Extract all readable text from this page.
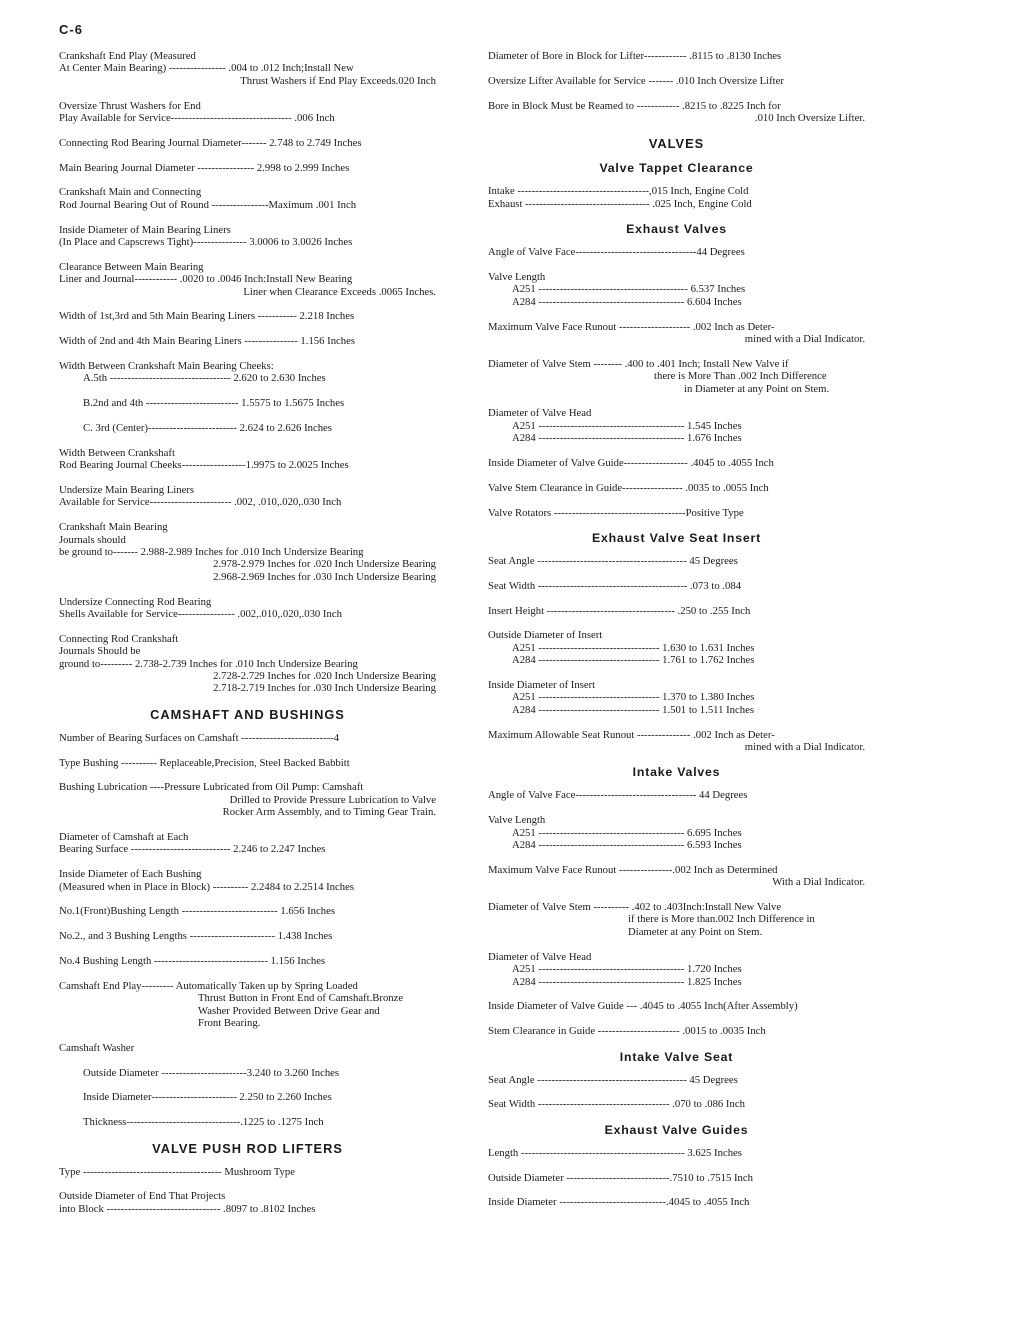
C-6
Crankshaft End Play (Measured
At Center Main Bearing) ---------------- .004 to .012 Inch;Install New
Thrust Washers if End Play Exceeds.020 Inch
Oversize Thrust Washers for End
Play Available for Service---------------------------------- .006 Inch
Connecting Rod Bearing Journal Diameter------- 2.748 to 2.749 Inches
Main Bearing Journal Diameter ---------------- 2.998 to 2.999 Inches
Crankshaft Main and Connecting
Rod Journal Bearing Out of Round ----------------Maximum .001 Inch
Inside Diameter of Main Bearing Liners
(In Place and Capscrews Tight)--------------- 3.0006 to 3.0026 Inches
Clearance Between Main Bearing
Liner and Journal------------ .0020 to .0046 Inch:Install New Bearing
Liner when Clearance Exceeds .0065 Inches.
Width of 1st,3rd and 5th Main Bearing Liners ----------- 2.218 Inches
Width of 2nd and 4th Main Bearing Liners --------------- 1.156 Inches
Width Between Crankshaft Main Bearing Cheeks:
A.5th ---------------------------------- 2.620 to 2.630 Inches
B.2nd and 4th -------------------------- 1.5575 to 1.5675 Inches
C. 3rd (Center)------------------------- 2.624 to 2.626 Inches
Width Between Crankshaft
Rod Bearing Journal Cheeks------------------1.9975 to 2.0025 Inches
Undersize Main Bearing Liners
Available for Service----------------------- .002, .010,.020,.030 Inch
Crankshaft Main Bearing
Journals should
be ground to------- 2.988-2.989 Inches for .010 Inch Undersize Bearing
2.978-2.979 Inches for .020 Inch Undersize Bearing
2.968-2.969 Inches for .030 Inch Undersize Bearing
Undersize Connecting Rod Bearing
Shells Available for Service---------------- .002,.010,.020,.030 Inch
Connecting Rod Crankshaft
Journals Should be
ground to--------- 2.738-2.739 Inches for .010 Inch Undersize Bearing
2.728-2.729 Inches for .020 Inch Undersize Bearing
2.718-2.719 Inches for .030 Inch Undersize Bearing
CAMSHAFT AND BUSHINGS
Number of Bearing Surfaces on Camshaft --------------------------4
Type Bushing ---------- Replaceable,Precision, Steel Backed Babbitt
Bushing Lubrication ----Pressure Lubricated from Oil Pump: Camshaft
Drilled to Provide Pressure Lubrication to Valve
Rocker Arm Assembly, and to Timing Gear Train.
Diameter of Camshaft at Each
Bearing Surface ---------------------------- 2.246 to 2.247 Inches
Inside Diameter of Each Bushing
(Measured when in Place in Block) ---------- 2.2484 to 2.2514 Inches
No.1(Front)Bushing Length --------------------------- 1.656 Inches
No.2., and 3 Bushing Lengths ------------------------ 1.438 Inches
No.4 Bushing Length -------------------------------- 1.156 Inches
Camshaft End Play--------- Automatically Taken up by Spring Loaded
Thrust Button in Front End of Camshaft.Bronze
Washer Provided Between Drive Gear and
Front Bearing.
Camshaft Washer
Outside Diameter ------------------------3.240 to 3.260 Inches
Inside Diameter------------------------ 2.250 to 2.260 Inches
Thickness--------------------------------.1225 to .1275 Inch
VALVE PUSH ROD LIFTERS
Type --------------------------------------- Mushroom Type
Outside Diameter of End That Projects
into Block -------------------------------- .8097 to .8102 Inches
Diameter of Bore in Block for Lifter------------ .8115 to .8130 Inches
Oversize Lifter Available for Service ------- .010 Inch Oversize Lifter
Bore in Block Must be Reamed to ------------ .8215 to .8225 Inch for
.010 Inch Oversize Lifter.
VALVES
Valve Tappet Clearance
Intake -------------------------------------,015 Inch, Engine Cold
Exhaust ----------------------------------- .025 Inch, Engine Cold
Exhaust Valves
Angle of Valve Face----------------------------------44 Degrees
Valve Length
A251 ------------------------------------------ 6.537 Inches
A284 ----------------------------------------- 6.604 Inches
Maximum Valve Face Runout -------------------- .002 Inch as Deter-
mined with a Dial Indicator.
Diameter of Valve Stem -------- .400 to .401 Inch; Install New Valve if
there is More Than .002 Inch Difference
in Diameter at any Point on Stem.
Diameter of Valve Head
A251 ----------------------------------------- 1.545 Inches
A284 ----------------------------------------- 1.676 Inches
Inside Diameter of Valve Guide------------------ .4045 to .4055 Inch
Valve Stem Clearance in Guide----------------- .0035 to .0055 Inch
Valve Rotators -------------------------------------Positive Type
Exhaust Valve Seat Insert
Seat Angle ------------------------------------------ 45 Degrees
Seat Width ------------------------------------------ .073 to .084
Insert Height ------------------------------------ .250 to .255 Inch
Outside Diameter of Insert
A251 ---------------------------------- 1.630 to 1.631 Inches
A284 ---------------------------------- 1.761 to 1.762 Inches
Inside Diameter of Insert
A251 ---------------------------------- 1.370 to 1.380 Inches
A284 ---------------------------------- 1.501 to 1.511 Inches
Maximum Allowable Seat Runout --------------- .002 Inch as Deter-
mined with a Dial Indicator.
Intake Valves
Angle of Valve Face---------------------------------- 44 Degrees
Valve Length
A251 ----------------------------------------- 6.695 Inches
A284 ----------------------------------------- 6.593 Inches
Maximum Valve Face Runout ---------------.002 Inch as Determined
With a Dial Indicator.
Diameter of Valve Stem ---------- .402 to .403Inch:Install New Valve
if there is More than.002 Inch Difference in
Diameter at any Point on Stem.
Diameter of Valve Head
A251 ----------------------------------------- 1.720 Inches
A284 ----------------------------------------- 1.825 Inches
Inside Diameter of Valve Guide --- .4045 to .4055 Inch(After Assembly)
Stem Clearance in Guide ----------------------- .0015 to .0035 Inch
Intake Valve Seat
Seat Angle ------------------------------------------ 45 Degrees
Seat Width ------------------------------------- .070 to .086 Inch
Exhaust Valve Guides
Length ---------------------------------------------- 3.625 Inches
Outside Diameter -----------------------------.7510 to .7515 Inch
Inside Diameter ------------------------------.4045 to .4055 Inch
